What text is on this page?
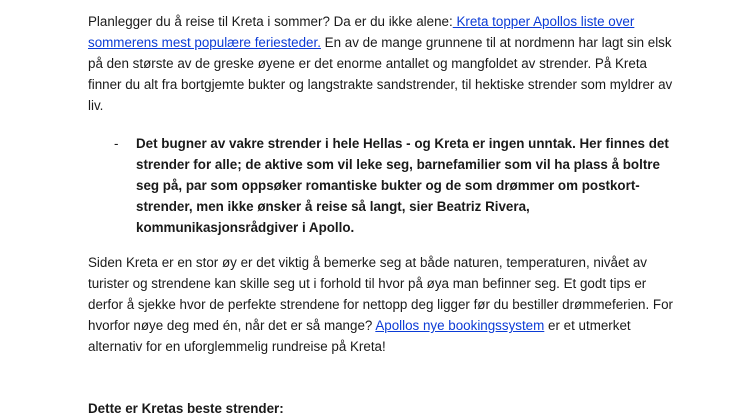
Planlegger du å reise til Kreta i sommer? Da er du ikke alene: Kreta topper Apollos liste over sommerens mest populære feriesteder. En av de mange grunnene til at nordmenn har lagt sin elsk på den største av de greske øyene er det enorme antallet og mangfoldet av strender. På Kreta finner du alt fra bortgjemte bukter og langstrakte sandstrender, til hektiske strender som myldrer av liv.

- Det bugner av vakre strender i hele Hellas - og Kreta er ingen unntak. Her finnes det strender for alle; de aktive som vil leke seg, barnefamilier som vil ha plass å boltre seg på, par som oppsøker romantiske bukter og de som drømmer om postkort-strender, men ikke ønsker å reise så langt, sier Beatriz Rivera, kommunikasjonsrådgiver i Apollo.

Siden Kreta er en stor øy er det viktig å bemerke seg at både naturen, temperaturen, nivået av turister og strendene kan skille seg ut i forhold til hvor på øya man befinner seg. Et godt tips er derfor å sjekke hvor de perfekte strendene for nettopp deg ligger før du bestiller drømmeferien. For hvorfor nøye deg med én, når det er så mange? Apollos nye bookingssystem er et utmerket alternativ for en uforglemmelig rundreise på Kreta!

Dette er Kretas beste strender:
